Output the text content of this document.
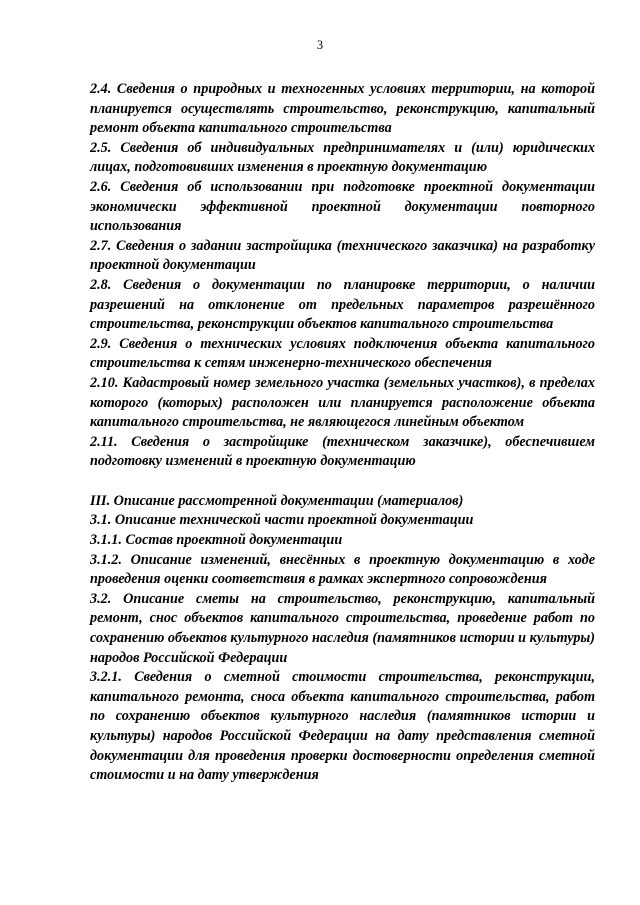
3

2.4. Сведения о природных и техногенных условиях территории, на которой планируется осуществлять строительство, реконструкцию, капитальный ремонт объекта капитального строительства

2.5. Сведения об индивидуальных предпринимателях и (или) юридических лицах, подготовивших изменения в проектную документацию

2.6. Сведения об использовании при подготовке проектной документации экономически эффективной проектной документации повторного использования

2.7. Сведения о задании застройщика (технического заказчика) на разработку проектной документации

2.8. Сведения о документации по планировке территории, о наличии разрешений на отклонение от предельных параметров разрешённого строительства, реконструкции объектов капитального строительства

2.9. Сведения о технических условиях подключения объекта капитального строительства к сетям инженерно-технического обеспечения

2.10. Кадастровый номер земельного участка (земельных участков), в пределах которого (которых) расположен или планируется расположение объекта капитального строительства, не являющегося линейным объектом

2.11. Сведения о застройщике (техническом заказчике), обеспечившем подготовку изменений в проектную документацию

III. Описание рассмотренной документации (материалов)

3.1. Описание технической части проектной документации

3.1.1. Состав проектной документации

3.1.2. Описание изменений, внесённых в проектную документацию в ходе проведения оценки соответствия в рамках экспертного сопровождения

3.2. Описание сметы на строительство, реконструкцию, капитальный ремонт, снос объектов капитального строительства, проведение работ по сохранению объектов культурного наследия (памятников истории и культуры) народов Российской Федерации

3.2.1. Сведения о сметной стоимости строительства, реконструкции, капитального ремонта, сноса объекта капитального строительства, работ по сохранению объектов культурного наследия (памятников истории и культуры) народов Российской Федерации на дату представления сметной документации для проведения проверки достоверности определения сметной стоимости и на дату утверждения
